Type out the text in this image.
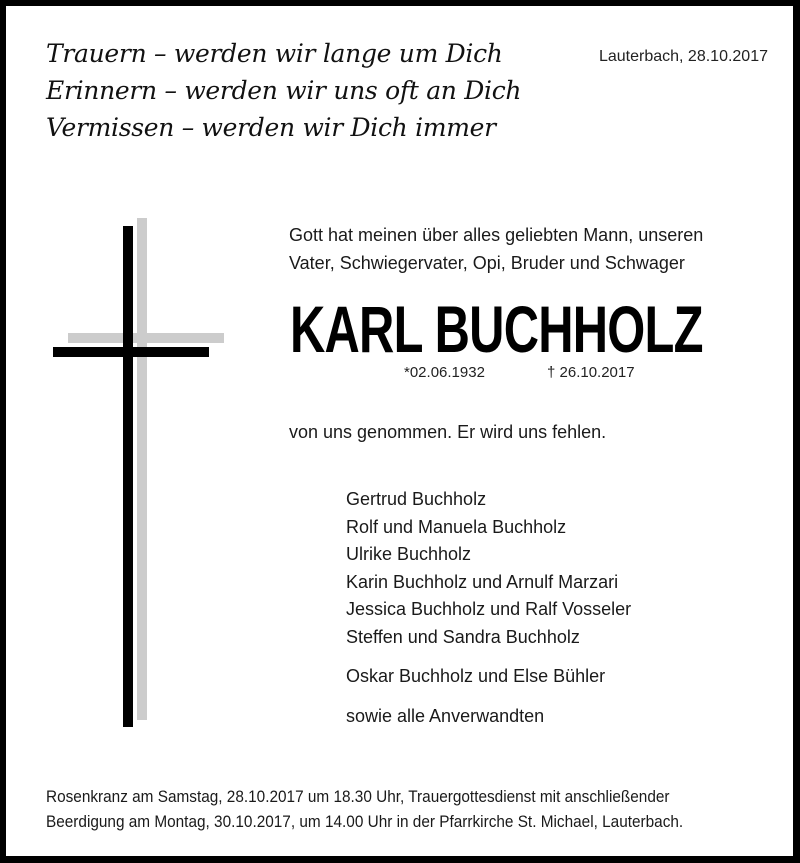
Trauern – werden wir lange um Dich
Erinnern – werden wir uns oft an Dich
Vermissen – werden wir Dich immer
Lauterbach, 28.10.2017
Gott hat meinen über alles geliebten Mann, unseren
Vater, Schwiegervater, Opi, Bruder und Schwager
KARL BUCHHOLZ
*02.06.1932	† 26.10.2017
von uns genommen. Er wird uns fehlen.
Gertrud Buchholz
Rolf und Manuela Buchholz
Ulrike Buchholz
Karin Buchholz und Arnulf Marzari
Jessica Buchholz und Ralf Vosseler
Steffen und Sandra Buchholz
Oskar Buchholz und Else Bühler
sowie alle Anverwandten
Rosenkranz am Samstag, 28.10.2017 um 18.30 Uhr, Trauergottesdienst mit anschließender
Beerdigung am Montag, 30.10.2017, um 14.00 Uhr in der Pfarrkirche St. Michael, Lauterbach.
